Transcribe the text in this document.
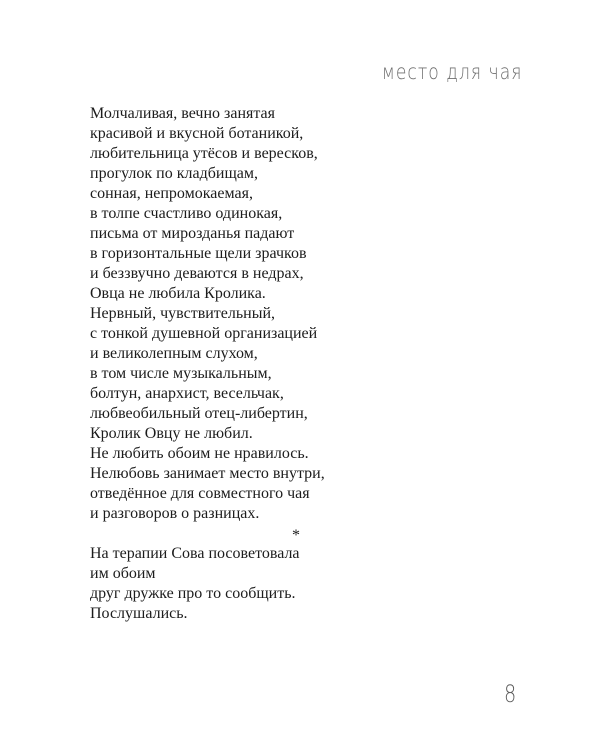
место для чая
Молчаливая, вечно занятая
красивой и вкусной ботаникой,
любительница утёсов и вересков,
прогулок по кладбищам,
сонная, непромокаемая,
в толпе счастливо одинокая,
письма от мирозданья падают
в горизонтальные щели зрачков
и беззвучно деваются в недрах,
Овца не любила Кролика.
Нервный, чувствительный,
с тонкой душевной организацией
и великолепным слухом,
в том числе музыкальным,
болтун, анархист, весельчак,
любвеобильный отец-либертин,
Кролик Овцу не любил.
Не любить обоим не нравилось.
Нелюбовь занимает место внутри,
отведённое для совместного чая
и разговоров о разницах.
*
На терапии Сова посоветовала
им обоим
друг дружке про то сообщить.
Послушались.
8
